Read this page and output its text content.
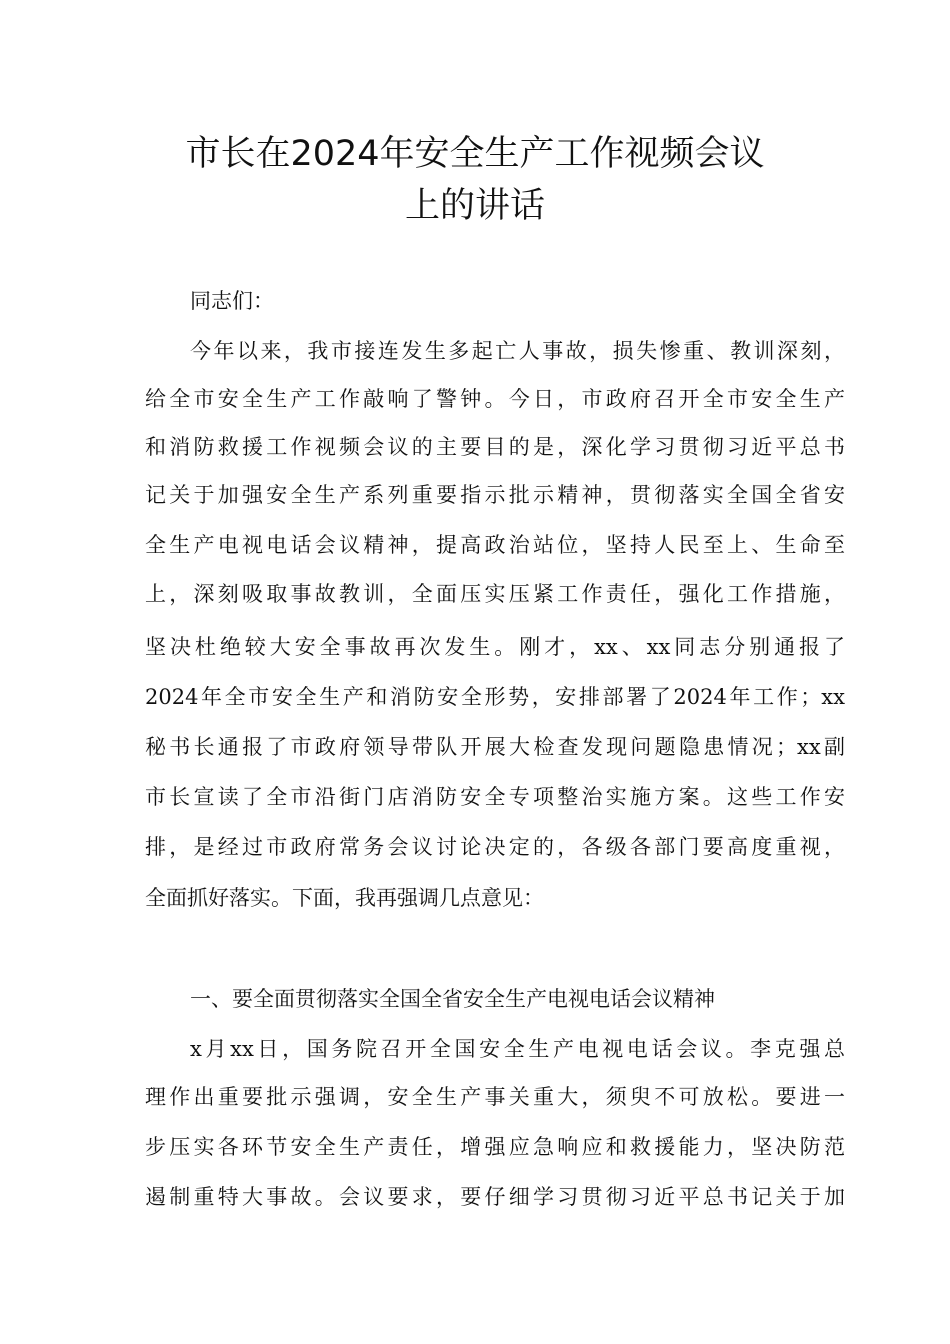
市长在2024年安全生产工作视频会议
上的讲话

同志们：

今年以来，我市接连发生多起亡人事故，损失惨重、教训深刻，

给全市安全生产工作敲响了警钟。今日，市政府召开全市安全生产

和消防救援工作视频会议的主要目的是，深化学习贯彻习近平总书

记关于加强安全生产系列重要指示批示精神，贯彻落实全国全省安

全生产电视电话会议精神，提高政治站位，坚持人民至上、生命至

上，深刻吸取事故教训，全面压实压紧工作责任，强化工作措施，

坚决杜绝较大安全事故再次发生。刚才，xx、xx同志分别通报了

2024年全市安全生产和消防安全形势，安排部署了2024年工作；xx

秘书长通报了市政府领导带队开展大检查发现问题隐患情况；xx副

市长宣读了全市沿街门店消防安全专项整治实施方案。这些工作安

排，是经过市政府常务会议讨论决定的，各级各部门要高度重视，

全面抓好落实。下面，我再强调几点意见：

一、要全面贯彻落实全国全省安全生产电视电话会议精神

x月xx日，国务院召开全国安全生产电视电话会议。李克强总

理作出重要批示强调，安全生产事关重大，须臾不可放松。要进一

步压实各环节安全生产责任，增强应急响应和救援能力，坚决防范

遏制重特大事故。会议要求，要仔细学习贯彻习近平总书记关于加
